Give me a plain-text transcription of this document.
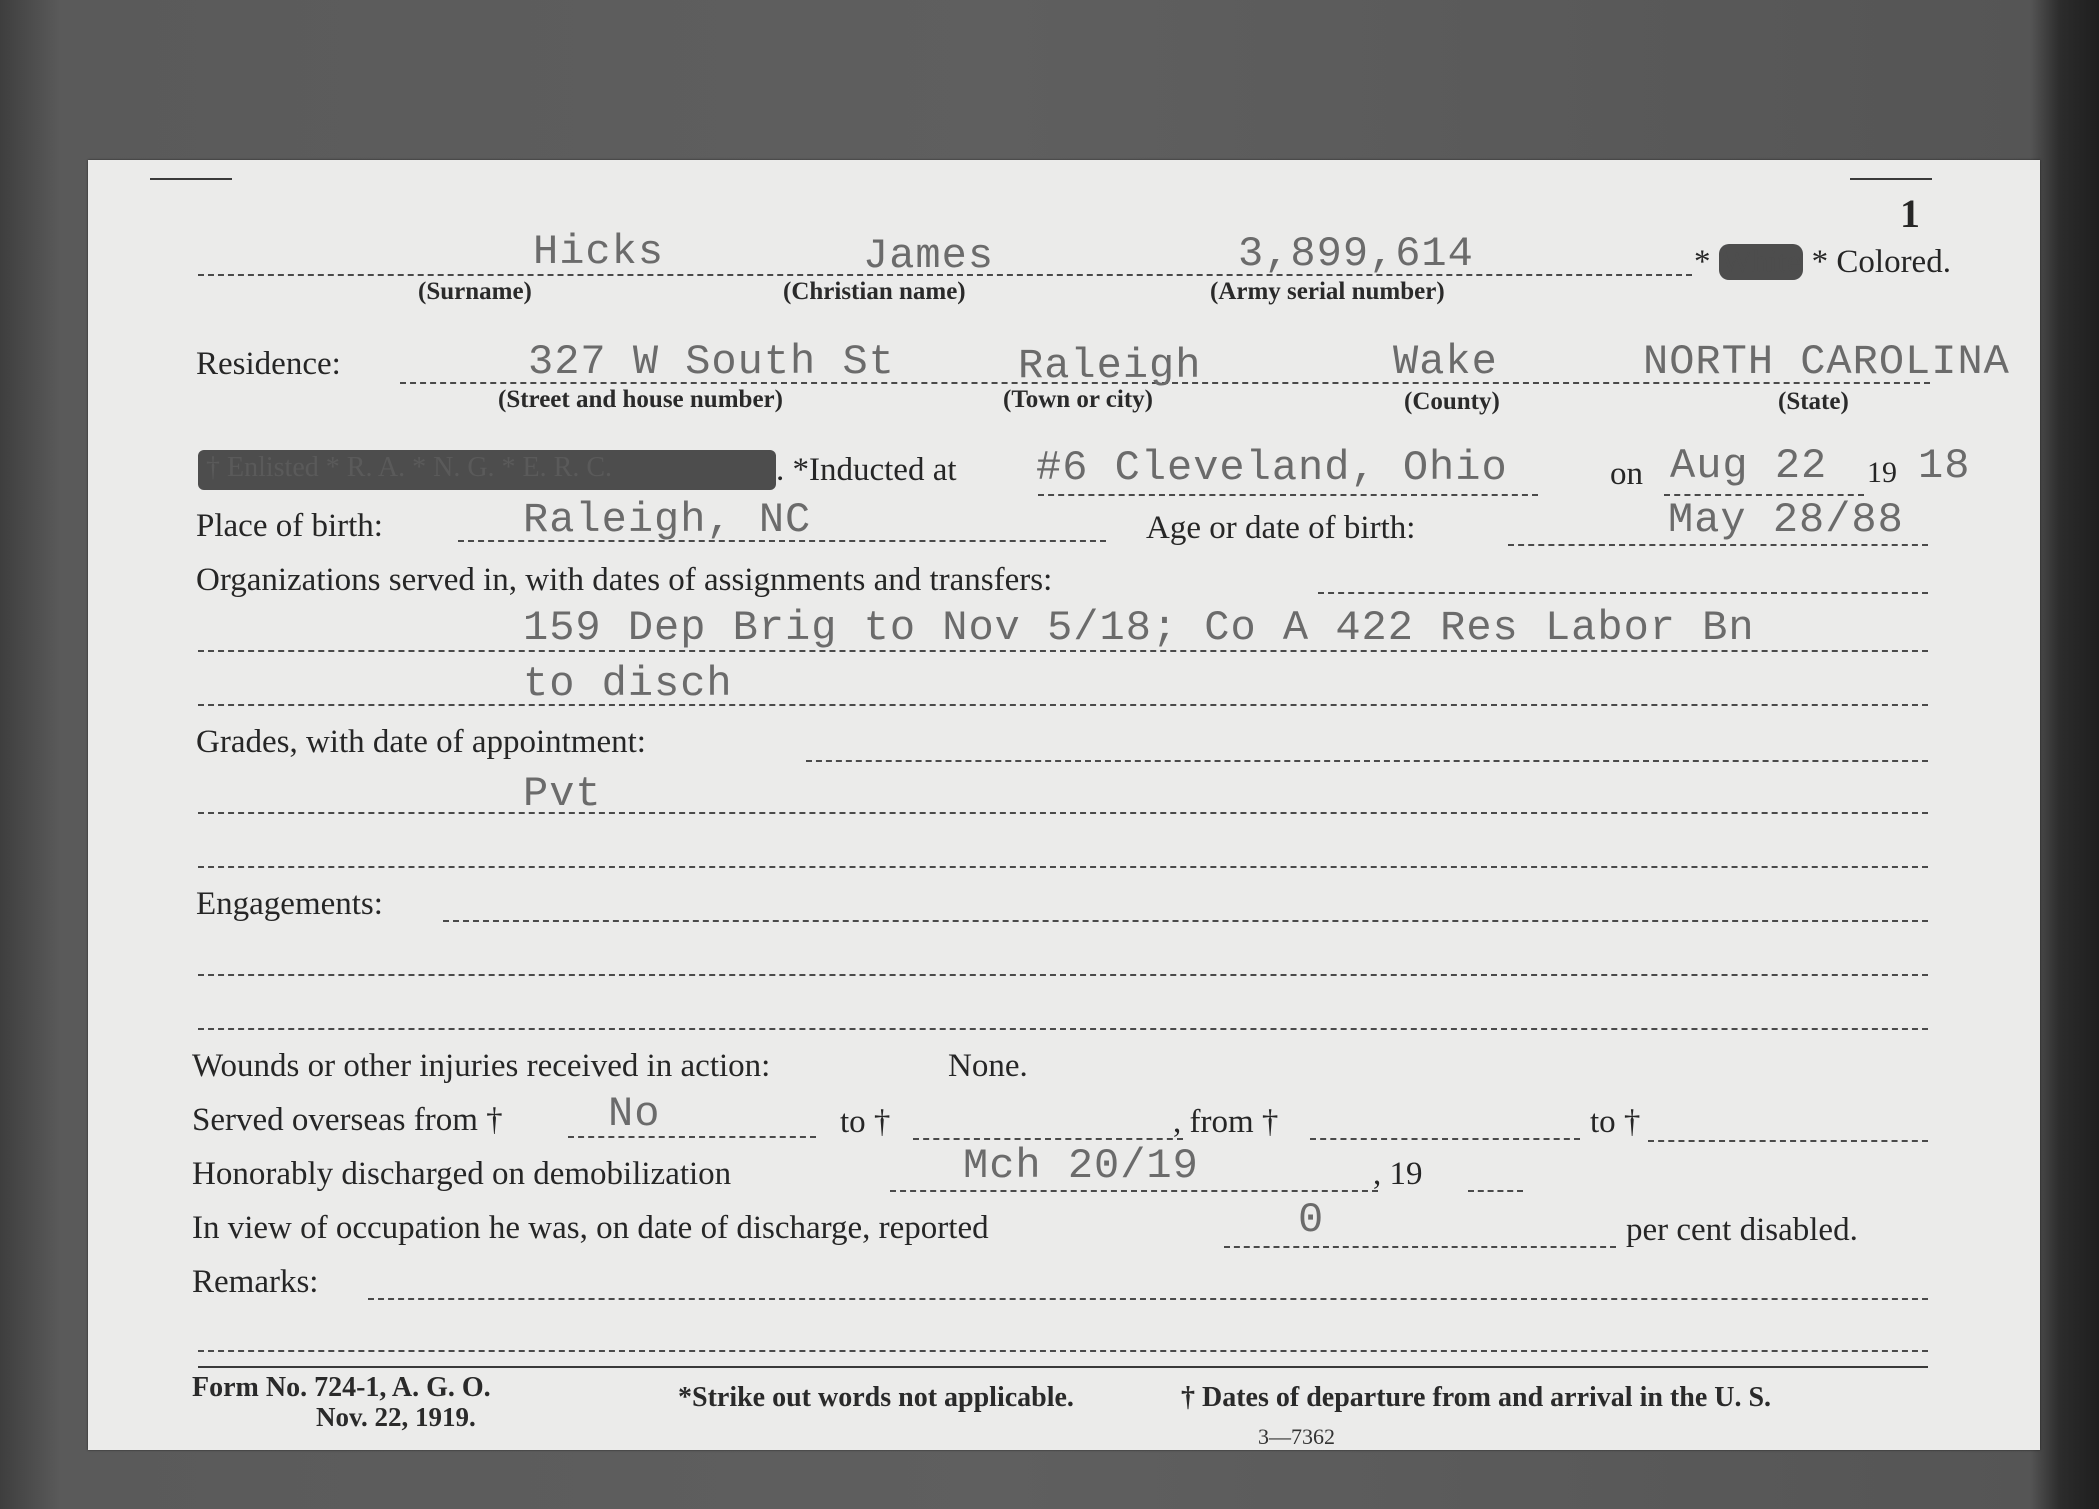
1
Hicks	James	3,899,614	* White * Colored.
(Surname)	(Christian name)	(Army serial number)
Residence:	327 W South St	Raleigh	Wake	NORTH CAROLINA
(Street and house number)	(Town or city)	(County)	(State)
† Enlisted * R. A. * N. G. * E. R. C.	. *Inducted at #6 Cleveland, Ohio	on Aug 22 19 18
Place of birth:	Raleigh, NC	Age or date of birth:	May 28/88
Organizations served in, with dates of assignments and transfers:
159 Dep Brig to Nov 5/18; Co A 422 Res Labor Bn
to disch
Grades, with date of appointment:
Pvt
Engagements:
Wounds or other injuries received in action:	None.
Served overseas from †	No	to †	, from †	to †
Honorably discharged on demobilization	Mch 20/19	, 19
In view of occupation he was, on date of discharge, reported	0	per cent disabled.
Remarks:
Form No. 724-1, A. G. O.
Nov. 22, 1919.
*Strike out words not applicable.	† Dates of departure from and arrival in the U. S.
3—7362
